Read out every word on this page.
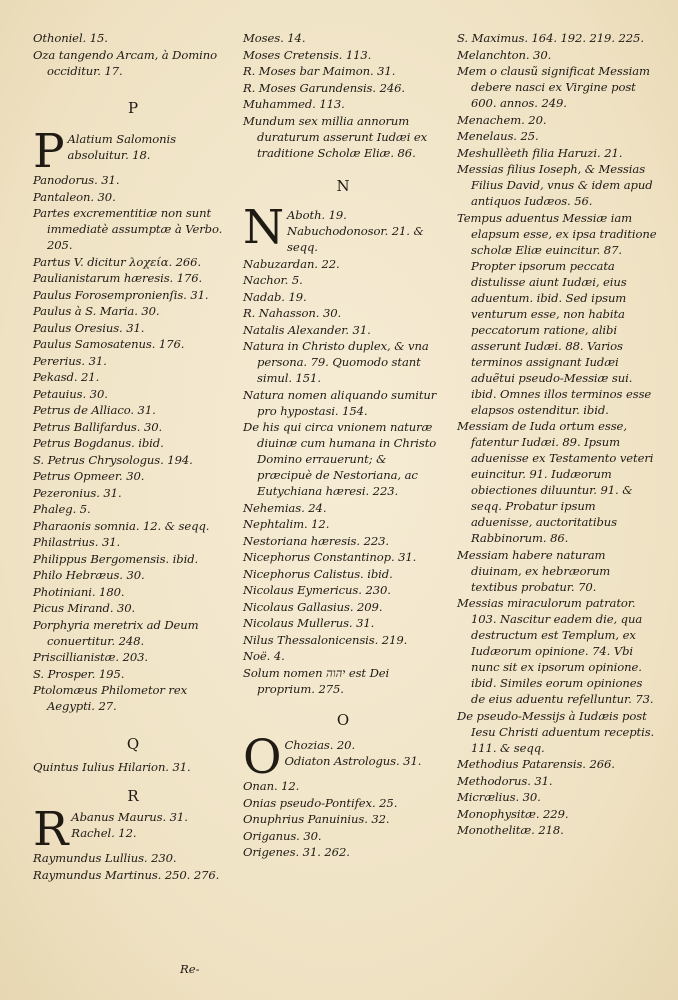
Othoniel. 15.
Oza tangendo Arcam, à Domino occiditur. 17.
P
P Alatium Salomonis absoluitur. 18.
Panodorus. 31.
Pantaleon. 30.
Partes excrementitiæ non sunt immediatè assumptæ à Verbo. 205.
Partus V. dicitur λοχεία. 266.
Paulianistarum hæresis. 176.
Paulus Forosempronienſis. 31.
Paulus à S. Maria. 30.
Paulus Oresius. 31.
Paulus Samosatenus. 176.
Pererius. 31.
Pekasd. 21.
Petauius. 30.
Petrus de Alliaco. 31.
Petrus Ballifardus. 30.
Petrus Bogdanus. ibid.
S. Petrus Chrysologus. 194.
Petrus Opmeer. 30.
Pezeronius. 31.
Phaleg. 5.
Pharaonis somnia. 12. & seqq.
Philastrius. 31.
Philippus Bergomensis. ibid.
Philo Hebræus. 30.
Photiniani. 180.
Picus Mirand. 30.
Porphyria meretrix ad Deum conuertitur. 248.
Priscillianistæ. 203.
S. Prosper. 195.
Ptolomæus Philometor rex Aegypti. 27.
Q
Quintus Iulius Hilarion. 31.
R
R Abanus Maurus. 31.
Rachel. 12.
Raymundus Lullius. 230.
Raymundus Martinus. 250. 276.
Moses. 14.
Moses Cretensis. 113.
R. Moses bar Maimon. 31.
R. Moses Garundensis. 246.
Muhammed. 113.
Mundum sex millia annorum duraturum asserunt Iudæi ex traditione Scholæ Eliæ. 86.
N
N Aboth. 19.
Nabuchodonosor. 21. & seqq.
Nabuzardan. 22.
Nachor. 5.
Nadab. 19.
R. Nahasson. 30.
Natalis Alexander. 31.
Natura in Christo duplex, & vna persona. 79. Quomodo stant simul. 151.
Natura nomen aliquando sumitur pro hypostasi. 154.
De his qui circa vnionem naturæ diuinæ cum humana in Christo Domino errauerunt; & præcipuè de Nestoriana, ac Eutychiana hæresi. 223.
Nehemias. 24.
Nephtalim. 12.
Nestoriana hæresis. 223.
Nicephorus Constantinop. 31.
Nicephorus Calistus. ibid.
Nicolaus Eymericus. 230.
Nicolaus Gallasius. 209.
Nicolaus Mullerus. 31.
Nilus Thessalonicensis. 219.
Noë. 4.
Solum nomen יהוה est Dei proprium. 275.
O
O Chozias. 20.
Odiaton Astrologus. 31.
Onan. 12.
Onias pseudo-Pontifex. 25.
Onuphrius Panuinius. 32.
Origanus. 30.
Origenes. 31. 262.
S. Maximus. 164. 192. 219. 225.
Melanchton. 30.
Mem o clausũ significat Messiam debere nasci ex Virgine post 600. annos. 249.
Menachem. 20.
Menelaus. 25.
Meshullèeth filia Haruzi. 21.
Messias filius Ioseph, & Messias Filius David, vnus & idem apud antiquos Iudæos. 56.
Tempus aduentus Messiæ iam elapsum esse, ex ipsa traditione scholæ Eliæ euincitur. 87. Propter ipsorum peccata distulisse aiunt Iudæi, eius aduentum. ibid. Sed ipsum venturum esse, non habita peccatorum ratione, alibi asserunt Iudæi. 88. Varios terminos assignant Iudæi aduẽtui pseudo-Messiæ sui. ibid. Omnes illos terminos esse elapsos ostenditur. ibid.
Messiam de Iuda ortum esse, fatentur Iudæi. 89. Ipsum aduenisse ex Testamento veteri euincitur. 91. Iudæorum obiectiones diluuntur. 91. & seqq. Probatur ipsum aduenisse, auctoritatibus Rabbinorum. 86.
Messiam habere naturam diuinam, ex hebræorum textibus probatur. 70.
Messias miraculorum patrator. 103. Nascitur eadem die, qua destructum est Templum, ex Iudæorum opinione. 74. Vbi nunc sit ex ipsorum opinione. ibid. Similes eorum opiniones de eius aduentu refelluntur. 73.
De pseudo-Messijs à Iudæis post Iesu Christi aduentum receptis. 111. & seqq.
Methodius Patarensis. 266.
Methodorus. 31.
Micrælius. 30.
Monophysitæ. 229.
Monothelitæ. 218.
Re-
